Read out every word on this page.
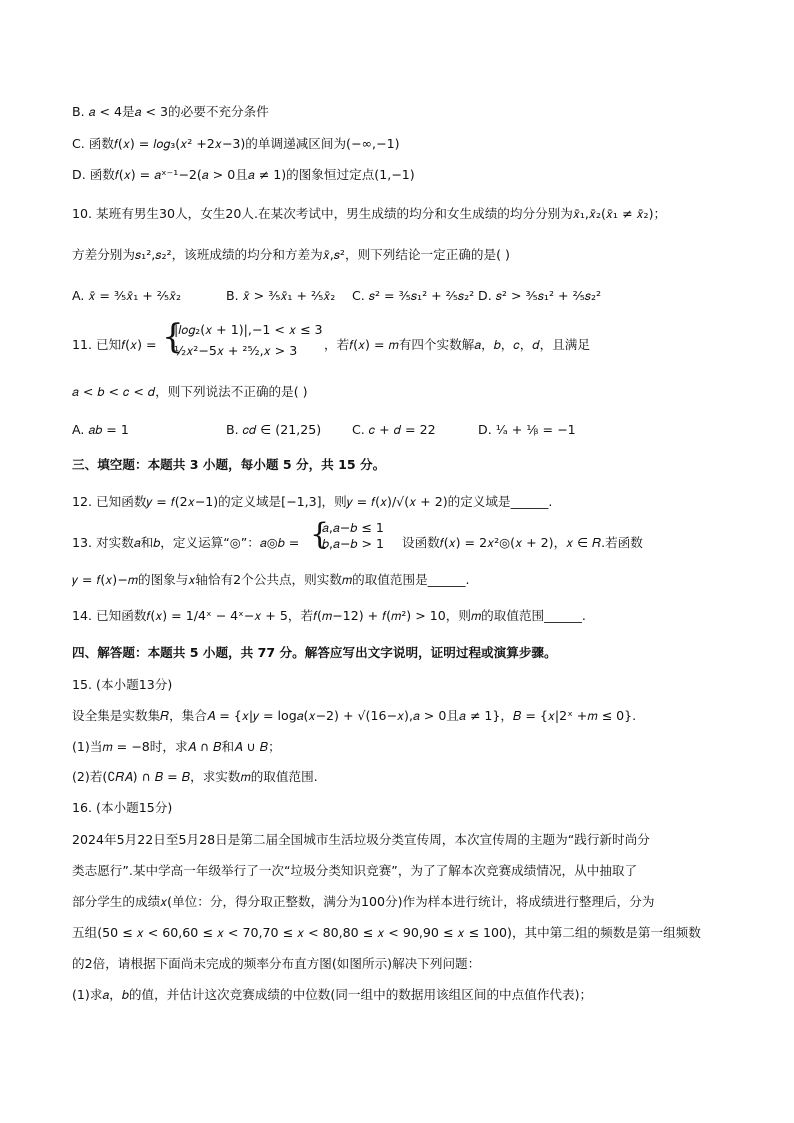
B. 𝑎 < 4是𝑎 < 3的必要不充分条件
C. 函数𝑓(𝑥) = 𝑙𝑜𝑔₃(𝑥² +2𝑥−3)的单调递减区间为(−∞,−1)
D. 函数𝑓(𝑥) = 𝑎ˣ⁻¹−2(𝑎 > 0且𝑎 ≠ 1)的图象恒过定点(1,−1)
10. 某班有男生30人，女生20人.在某次考试中，男生成绩的均分和女生成绩的均分分别为𝑥̄₁,𝑥̄₂(𝑥̄₁ ≠ 𝑥̄₂)；
方差分别为𝑠₁²,𝑠₂²，该班成绩的均分和方差为𝑥̄,𝑠²，则下列结论一定正确的是( )
A. 𝑥̄ = ³⁄₅𝑥̄₁ + ²⁄₅𝑥̄₂	B. 𝑥̄ > ³⁄₅𝑥̄₁ + ²⁄₅𝑥̄₂ C. 𝑠² = ³⁄₅𝑠₁² + ²⁄₅𝑠₂² D. 𝑠² > ³⁄₅𝑠₁² + ²⁄₅𝑠₂²
11. 已知𝑓(𝑥) = {
|𝑙𝑜𝑔₂(𝑥 + 1)|,−1 < 𝑥 ≤ 3
½𝑥²−5𝑥 + ²⁵⁄₂,𝑥 > 3 ，若𝑓(𝑥) = 𝑚有四个实数解𝑎，𝑏，𝑐，𝑑，且满足
𝑎 < 𝑏 < 𝑐 < 𝑑，则下列说法不正确的是( )
A. 𝑎𝑏 = 1	B. 𝑐𝑑 ∈ (21,25) C. 𝑐 + 𝑑 = 22	D. ¹⁄ₐ + ¹⁄ᵦ = −1
三、填空题：本题共 3 小题，每小题 5 分，共 15 分。
12. 已知函数𝑦 = 𝑓(2𝑥−1)的定义域是[−1,3]，则𝑦 = 𝑓(𝑥)/√(𝑥 + 2)的定义域是______.
13. 对实数𝑎和𝑏，定义运算“◎”：𝑎◎𝑏 = {
𝑎,𝑎−𝑏 ≤ 1
𝑏,𝑎−𝑏 > 1 设函数𝑓(𝑥) = 2𝑥²◎(𝑥 + 2)，𝑥 ∈ 𝑅.若函数
𝑦 = 𝑓(𝑥)−𝑚的图象与𝑥轴恰有2个公共点，则实数𝑚的取值范围是______.
14. 已知函数𝑓(𝑥) = 1/4ˣ − 4ˣ−𝑥 + 5，若𝑓(𝑚−12) + 𝑓(𝑚²) > 10，则𝑚的取值范围______.
四、解答题：本题共 5 小题，共 77 分。解答应写出文字说明，证明过程或演算步骤。
15. (本小题13分)
设全集是实数集𝑅，集合𝐴 = {𝑥|𝑦 = log𝑎(𝑥−2) + √(16−𝑥),𝑎 > 0且𝑎 ≠ 1}，𝐵 = {𝑥|2ˣ +𝑚 ≤ 0}.
(1)当𝑚 = −8时，求𝐴 ∩ 𝐵和𝐴 ∪ 𝐵；
(2)若(∁𝑅𝐴) ∩ 𝐵 = 𝐵，求实数𝑚的取值范围.
16. (本小题15分)
2024年5月22日至5月28日是第二届全国城市生活垃圾分类宣传周，本次宣传周的主题为“践行新时尚分
类志愿行”.某中学高一年级举行了一次“垃圾分类知识竞赛”，为了了解本次竞赛成绩情况，从中抽取了
部分学生的成绩𝑥(单位：分，得分取正整数，满分为100分)作为样本进行统计，将成绩进行整理后，分为
五组(50 ≤ 𝑥 < 60,60 ≤ 𝑥 < 70,70 ≤ 𝑥 < 80,80 ≤ 𝑥 < 90,90 ≤ 𝑥 ≤ 100)，其中第二组的频数是第一组频数
的2倍，请根据下面尚未完成的频率分布直方图(如图所示)解决下列问题：
(1)求𝑎，𝑏的值，并估计这次竞赛成绩的中位数(同一组中的数据用该组区间的中点值作代表)；
